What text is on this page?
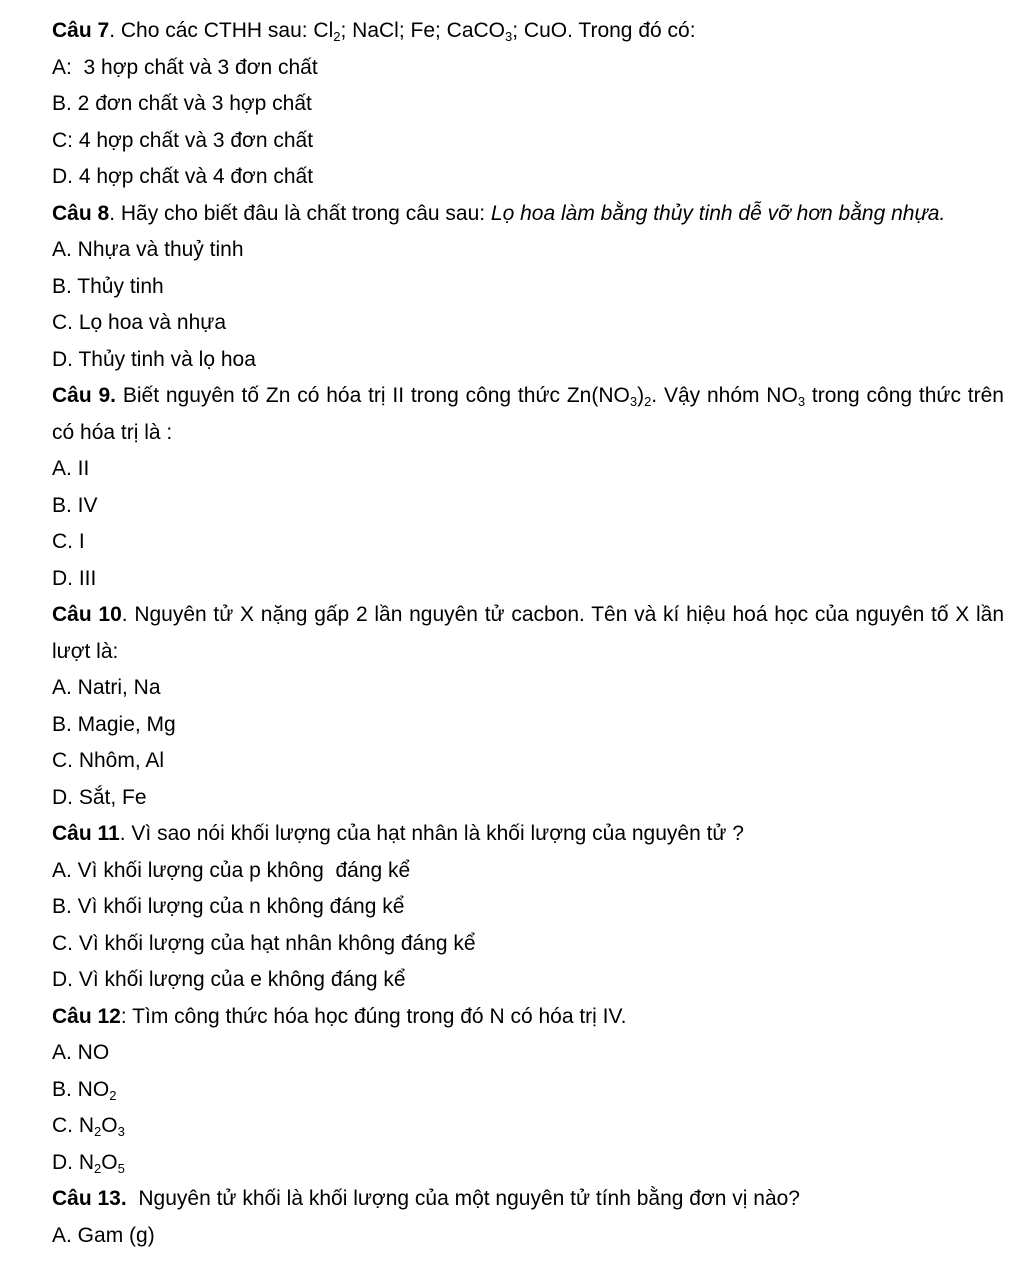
Câu 7. Cho các CTHH sau: Cl2; NaCl; Fe; CaCO3; CuO. Trong đó có:

A:  3 hợp chất và 3 đơn chất

B. 2 đơn chất và 3 hợp chất

C: 4 hợp chất và 3 đơn chất

D. 4 hợp chất và 4 đơn chất

Câu 8. Hãy cho biết đâu là chất trong câu sau: Lọ hoa làm bằng thủy tinh dễ vỡ hơn bằng nhựa.

A. Nhựa và thuỷ tinh

B. Thủy tinh

C. Lọ hoa và nhựa

D. Thủy tinh và lọ hoa

Câu 9. Biết nguyên tố Zn có hóa trị II trong công thức Zn(NO3)2. Vậy nhóm NO3 trong công thức trên có hóa trị là :

A. II

B. IV

C. I

D. III

Câu 10. Nguyên tử X nặng gấp 2 lần nguyên tử cacbon. Tên và kí hiệu hoá học của nguyên tố X lần lượt là:

A. Natri, Na

B. Magie, Mg

C. Nhôm, Al

D. Sắt, Fe

Câu 11. Vì sao nói khối lượng của hạt nhân là khối lượng của nguyên tử ?

A. Vì khối lượng của p không  đáng kể

B. Vì khối lượng của n không đáng kể

C. Vì khối lượng của hạt nhân không đáng kể

D. Vì khối lượng của e không đáng kể

Câu 12: Tìm công thức hóa học đúng trong đó N có hóa trị IV.

A. NO

B. NO2

C. N2O3

D. N2O5

Câu 13.  Nguyên tử khối là khối lượng của một nguyên tử tính bằng đơn vị nào?

A. Gam (g)
